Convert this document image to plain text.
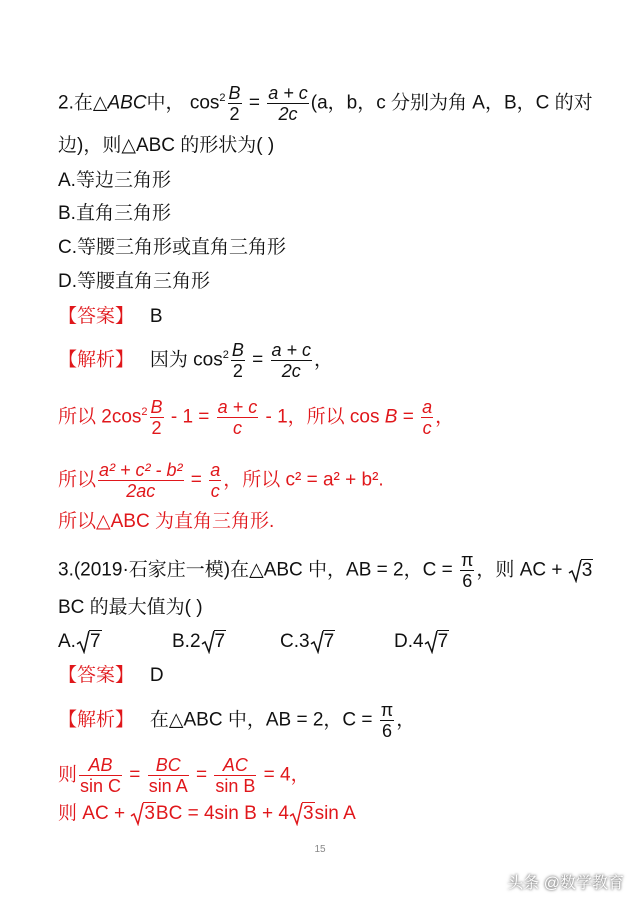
2.在△ABC中， $\cos^2 \frac{B}{2} = \frac{a + c}{2c} (a$，b，c 分别为角 A，B，C 的对
边)，则△ABC 的形状为( )
A.等边三角形
B.直角三角形
C.等腰三角形或直角三角形
D.等腰直角三角形
【答案】 B
【解析】 因为 $\cos^2 \frac{B}{2} = \frac{a + c}{2c}$ ，
所以 $2\cos^2 \frac{B}{2} - 1 = \frac{a + c}{c} - 1$，所以 $\cos B = \frac{a}{c}$ ，
所以 $\frac{\text{a² + c² - b²}}{2ac} = \frac{a}{c}$ ，所以 c² = a² + b².
所以△ABC 为直角三角形.
3.(2019·石家庄一模)在△ABC 中，AB = 2，$C = \frac{\pi}{6}$ ，则 AC +
3
BC 的最大值为( )
A. 7	B.2 7	C.3 7	D.4 7
【答案】 D
【解析】 在△ABC 中，AB = 2，$C = \frac{\pi}{6}$ ，
则 $\frac{AB}{\text{sin C}} = \frac{BC}{\text{sin A}} = \frac{AC}{\text{sin B}} = 4$，
则 AC +
3BC = 4sin B + 4 3sin A
15
头条 @数学教育
